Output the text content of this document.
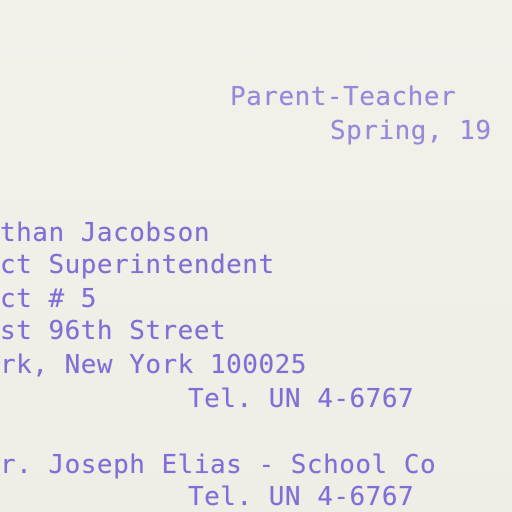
Parent-Teacher
Spring, 19
than Jacobson
ct Superintendent
ct # 5
st 96th Street
rk, New York 100025
Tel. UN 4-6767
r. Joseph Elias - School Co
Tel. UN 4-6767
